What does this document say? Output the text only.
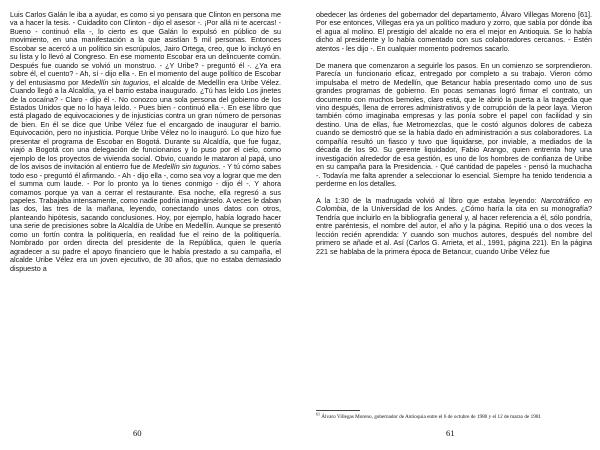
Luis Carlos Galán le iba a ayudar, es como si yo pensara que Clinton en persona me va a hacer la tesis. - Cuidadito con Clinton - dijo el asesor -. ¡Por allá ni te acercas! - Bueno - continuó ella -, lo cierto es que Galán lo expulsó en público de su movimiento, en una manifestación a la que asistían 5 mil personas. Entonces Escobar se acercó a un político sin escrúpulos, Jairo Ortega, creo, que lo incluyó en su lista y lo llevó al Congreso. En ese momento Escobar era un delincuente común. Después fue cuando se volvió un monstruo. - ¿Y Uribe? - preguntó él -. ¿Ya era sobre él, el cuento? - Ah, sí - dijo ella -. En el momento del auge político de Escobar y del entusiasmo por Medellín sin tugurios, el alcalde de Medellín era Uribe Vélez. Cuando llegó a la Alcaldía, ya el barrio estaba inaugurado. ¿Tú has leído Los jinetes de la cocaína? - Claro - dijo él -. No conozco una sola persona del gobierno de los Estados Unidos que no lo haya leído. - Pues bien - continuó ella -. En ese libro que está plagado de equivocaciones y de injusticias contra un gran número de personas de bien. En él se dice que Uribe Vélez fue el encargado de inaugurar el barrio. Equivocación, pero no injusticia. Porque Uribe Vélez no lo inauguró. Lo que hizo fue presentar el programa de Escobar en Bogotá. Durante su Alcaldía, que fue fugaz, viajó a Bogotá con una delegación de funcionarios y lo puso por el cielo, como ejemplo de los proyectos de vivienda social. Obvio, cuando le mataron al papá, uno de los avisos de invitación al entierro fue de Medellín sin tugurios. - Y tú cómo sabes todo eso - preguntó él afirmando. - Ah - dijo ella -, como sea voy a lograr que me den el summa cum laude. - Por lo pronto ya lo tienes conmigo - dijo él -. Y ahora comamos porque ya van a cerrar el restaurante. Esa noche, ella regresó a sus papeles. Trabajaba intensamente, como nadie podría imaginárselo. A veces le daban las dos, las tres de la mañana, leyendo, conectando unos datos con otros, planteando hipótesis, sacando conclusiones. Hoy, por ejemplo, había logrado hacer una serie de precisiones sobre la Alcaldía de Uribe en Medellín. Aunque se presentó como un fortín contra la politiquería, en realidad fue el reino de la politiquería. Nombrado por orden directa del presidente de la República, quien le quería agradecer a su padre el apoyo financiero que le había prestado a su campaña, el alcalde Uribe Vélez era un joven ejecutivo, de 30 años, que no estaba demasiado dispuesto a

60

obedecer las órdenes del gobernador del departamento, Álvaro Villegas Moreno [61]. Por ese entonces, Villegas era ya un político maduro y zorro, que sabía por dónde iba el agua al molino. El prestigio del alcalde no era el mejor en Antioquia. Se lo había dicho al presidente y lo había comentado con sus colaboradores cercanos. - Estén atentos - les dijo -. En cualquier momento podremos sacarlo.

De manera que comenzaron a seguirle los pasos. En un comienzo se sorprendieron. Parecía un funcionario eficaz, entregado por completo a su trabajo. Vieron cómo impulsaba el metro de Medellín, que Betancur había presentado como uno de sus grandes programas de gobierno. En pocas semanas logró firmar el contrato, un documento con muchos bemoles, claro está, que le abrió la puerta a la tragedia que vino después, llena de errores administrativos y de corrupción de la peor laya. Vieron también cómo imaginaba empresas y las ponía sobre el papel con facilidad y sin destino. Una de ellas, fue Metromezclas, que le costó algunos dolores de cabeza cuando se demostró que se la había dado en administración a sus colaboradores. La compañía resultó un fiasco y tuvo que liquidarse, por inviable, a mediados de la década de los 90. Su gerente liquidador, Fabio Arango, quien entrenta hoy una investigación alrededor de esa gestión, es uno de los hombres de confianza de Uribe en su campaña para la Presidencia. - Qué cantidad de papeles - pensó la muchacha -. Todavía me falta aprender a seleccionar lo esencial. Siempre ha tenido tendencia a perderme en los detalles.

A la 1:30 de la madrugada volvió al libro que estaba leyendo: Narcotráfico en Colombia, de la Universidad de los Andes. ¿Cómo haría la cita en su monografía? Tendría que incluirlo en la bibliografía general y, al hacer referencia a él, sólo pondría, entre paréntesis, el nombre del autor, el año y la página. Repitió una o dos veces la lección recién aprendida: Y cuando son muchos autores, después del nombre del primero se añade et al. Así (Carlos G. Arrieta, et al., 1991, página 221). En la página 221 se hablaba de la primera época de Betancur, cuando Uribe Vélez fue

$^{61}$ Álvaro Villegas Moreno, gobernador de Antioquia entre el 6 de octubre de 1980 y el 12 de marzo de 1981
61
